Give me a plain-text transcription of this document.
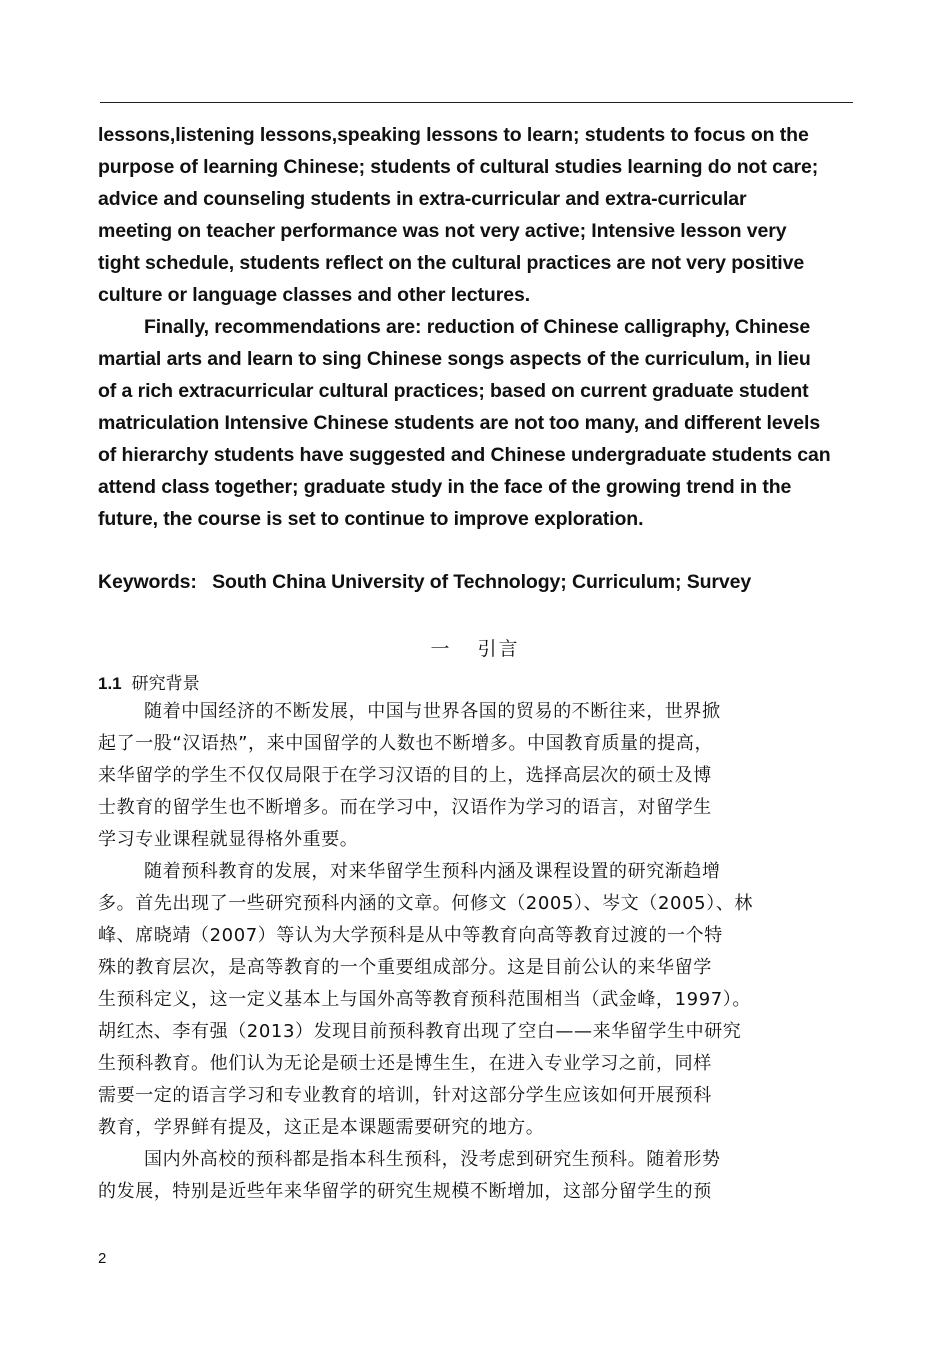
lessons,listening lessons,speaking lessons to learn; students to focus on the
purpose of learning Chinese; students of cultural studies learning do not care;
advice and counseling students in extra-curricular and extra-curricular
meeting on teacher performance was not very active; Intensive lesson very
tight schedule, students reflect on the cultural practices are not very positive
culture or language classes and other lectures.
Finally, recommendations are: reduction of Chinese calligraphy, Chinese
martial arts and learn to sing Chinese songs aspects of the curriculum, in lieu
of a rich extracurricular cultural practices; based on current graduate student
matriculation Intensive Chinese students are not too many, and different levels
of hierarchy students have suggested and Chinese undergraduate students can
attend class together; graduate study in the face of the growing trend in the
future, the course is set to continue to improve exploration.
Keywords: South China University of Technology; Curriculum; Survey
一 引言
1.1 研究背景
随着中国经济的不断发展，中国与世界各国的贸易的不断往来，世界掀
起了一股“汉语热”，来中国留学的人数也不断增多。中国教育质量的提高，
来华留学的学生不仅仅局限于在学习汉语的目的上，选择高层次的硕士及博
士教育的留学生也不断增多。而在学习中，汉语作为学习的语言，对留学生
学习专业课程就显得格外重要。
随着预科教育的发展，对来华留学生预科内涵及课程设置的研究渐趋增
多。首先出现了一些研究预科内涵的文章。何修文（2005）、岑文（2005）、林
峰、席晓靖（2007）等认为大学预科是从中等教育向高等教育过渡的一个特
殊的教育层次，是高等教育的一个重要组成部分。这是目前公认的来华留学
生预科定义，这一定义基本上与国外高等教育预科范围相当（武金峰，1997）。
胡红杰、李有强（2013）发现目前预科教育出现了空白——来华留学生中研究
生预科教育。他们认为无论是硕士还是博生生，在进入专业学习之前，同样
需要一定的语言学习和专业教育的培训，针对这部分学生应该如何开展预科
教育，学界鲜有提及，这正是本课题需要研究的地方。
国内外高校的预科都是指本科生预科，没考虑到研究生预科。随着形势
的发展，特别是近些年来华留学的研究生规模不断增加，这部分留学生的预
2
